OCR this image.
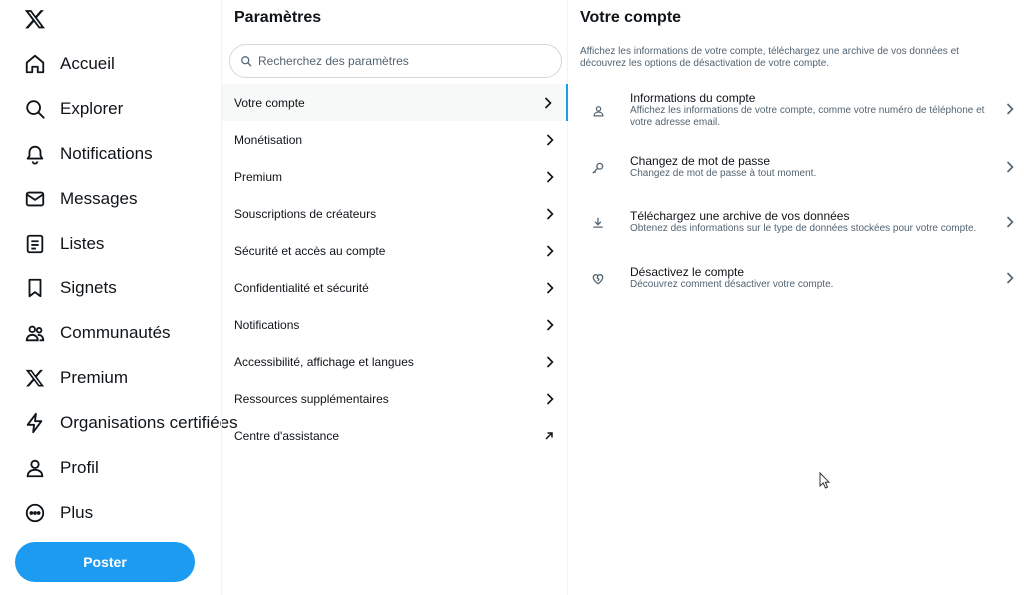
Accueil
Explorer
Notifications
Messages
Listes
Signets
Communautés
Premium
Organisations certifiées
Profil
Plus
Poster
Paramètres
Recherchez des paramètres
Votre compte
Monétisation
Premium
Souscriptions de créateurs
Sécurité et accès au compte
Confidentialité et sécurité
Notifications
Accessibilité, affichage et langues
Ressources supplémentaires
Centre d'assistance
Votre compte
Affichez les informations de votre compte, téléchargez une archive de vos données et découvrez les options de désactivation de votre compte.
Informations du compte
Affichez les informations de votre compte, comme votre numéro de téléphone et votre adresse email.
Changez de mot de passe
Changez de mot de passe à tout moment.
Téléchargez une archive de vos données
Obtenez des informations sur le type de données stockées pour votre compte.
Désactivez le compte
Découvrez comment désactiver votre compte.
